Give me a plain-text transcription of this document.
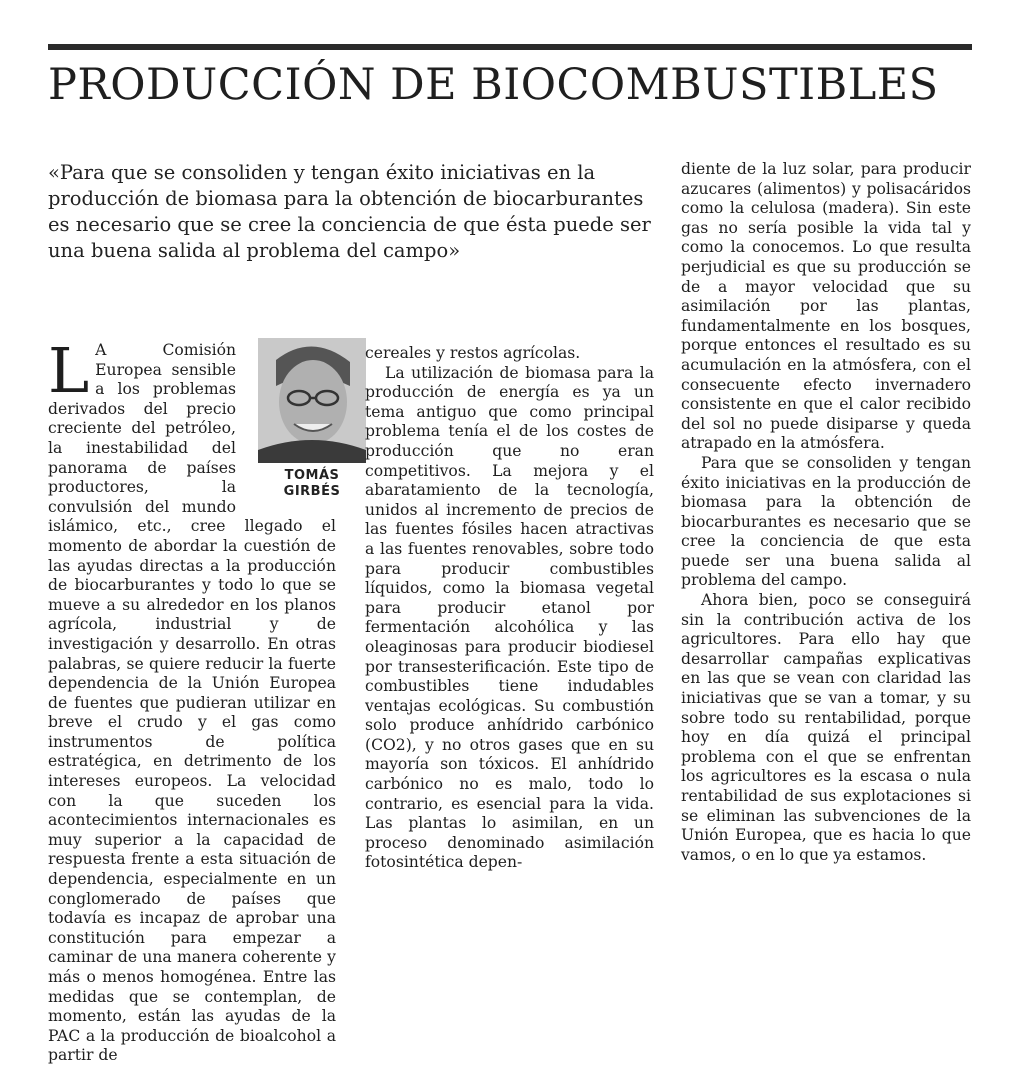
PRODUCCIÓN DE BIOCOMBUSTIBLES

«Para que se consoliden y tengan éxito iniciativas en la producción de biomasa para la obtención de biocarburantes es necesario que se cree la conciencia de que ésta puede ser una buena salida al problema del campo»

TOMÁS
GIRBÉS

L A Comisión Europea sensible a los problemas derivados del precio creciente del petróleo, la inestabilidad del panorama de países productores, la convulsión del mundo islámico, etc., cree llegado el momento de abordar la cuestión de las ayudas directas a la producción de biocarburantes y todo lo que se mueve a su alrededor en los planos agrícola, industrial y de investigación y desarrollo. En otras palabras, se quiere reducir la fuerte dependencia de la Unión Europea de fuentes que pudieran utilizar en breve el crudo y el gas como instrumentos de política estratégica, en detrimento de los intereses europeos. La velocidad con la que suceden los acontecimientos internacionales es muy superior a la capacidad de respuesta frente a esta situación de dependencia, especialmente en un conglomerado de países que todavía es incapaz de aprobar una constitución para empezar a caminar de una manera coherente y más o menos homogénea. Entre las medidas que se contemplan, de momento, están las ayudas de la PAC a la producción de bioalcohol a partir de

cereales y restos agrícolas.

La utilización de biomasa para la producción de energía es ya un tema antiguo que como principal problema tenía el de los costes de producción que no eran competitivos. La mejora y el abaratamiento de la tecnología, unidos al incremento de precios de las fuentes fósiles hacen atractivas a las fuentes renovables, sobre todo para producir combustibles líquidos, como la biomasa vegetal para producir etanol por fermentación alcohólica y las oleaginosas para producir biodiesel por transesterificación. Este tipo de combustibles tiene indudables ventajas ecológicas. Su combustión solo produce anhídrido carbónico (CO2), y no otros gases que en su mayoría son tóxicos. El anhídrido carbónico no es malo, todo lo contrario, es esencial para la vida. Las plantas lo asimilan, en un proceso denominado asimilación fotosintética depen-

diente de la luz solar, para producir azucares (alimentos) y polisacáridos como la celulosa (madera). Sin este gas no sería posible la vida tal y como la conocemos. Lo que resulta perjudicial es que su producción se de a mayor velocidad que su asimilación por las plantas, fundamentalmente en los bosques, porque entonces el resultado es su acumulación en la atmósfera, con el consecuente efecto invernadero consistente en que el calor recibido del sol no puede disiparse y queda atrapado en la atmósfera.

Para que se consoliden y tengan éxito iniciativas en la producción de biomasa para la obtención de biocarburantes es necesario que se cree la conciencia de que esta puede ser una buena salida al problema del campo.

Ahora bien, poco se conseguirá sin la contribución activa de los agricultores. Para ello hay que desarrollar campañas explicativas en las que se vean con claridad las iniciativas que se van a tomar, y su sobre todo su rentabilidad, porque hoy en día quizá el principal problema con el que se enfrentan los agricultores es la escasa o nula rentabilidad de sus explotaciones si se eliminan las subvenciones de la Unión Europea, que es hacia lo que vamos, o en lo que ya estamos.
